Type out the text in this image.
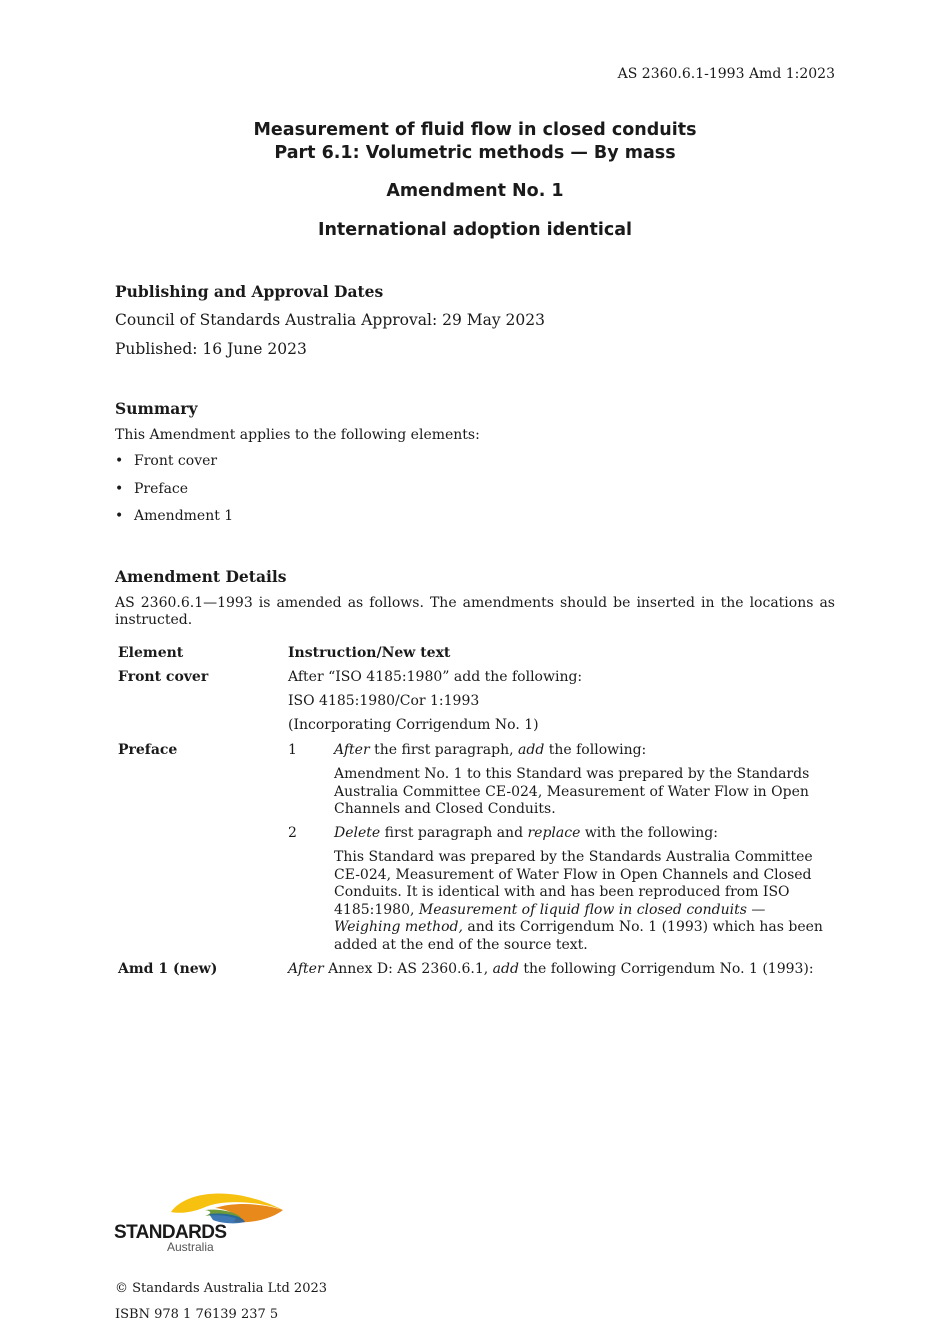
AS 2360.6.1-1993 Amd 1:2023
Measurement of fluid flow in closed conduits
Part 6.1: Volumetric methods — By mass
Amendment No. 1
International adoption identical
Publishing and Approval Dates
Council of Standards Australia Approval: 29 May 2023
Published: 16 June 2023
Summary
This Amendment applies to the following elements:
• Front cover
• Preface
• Amendment 1
Amendment Details
AS 2360.6.1—1993 is amended as follows. The amendments should be inserted in the locations as instructed.
Element	Instruction/New text
Front cover	After “ISO 4185:1980” add the following:
ISO 4185:1980/Cor 1:1993
(Incorporating Corrigendum No. 1)
Preface	1	After the first paragraph, add the following:
Amendment No. 1 to this Standard was prepared by the Standards Australia Committee CE-024, Measurement of Water Flow in Open Channels and Closed Conduits.
2	Delete first paragraph and replace with the following:
This Standard was prepared by the Standards Australia Committee CE-024, Measurement of Water Flow in Open Channels and Closed Conduits. It is identical with and has been reproduced from ISO 4185:1980, Measurement of liquid flow in closed conduits — Weighing method, and its Corrigendum No. 1 (1993) which has been added at the end of the source text.
Amd 1 (new)	After Annex D: AS 2360.6.1, add the following Corrigendum No. 1 (1993):
STANDARDS
Australia
© Standards Australia Ltd 2023
ISBN 978 1 76139 237 5
